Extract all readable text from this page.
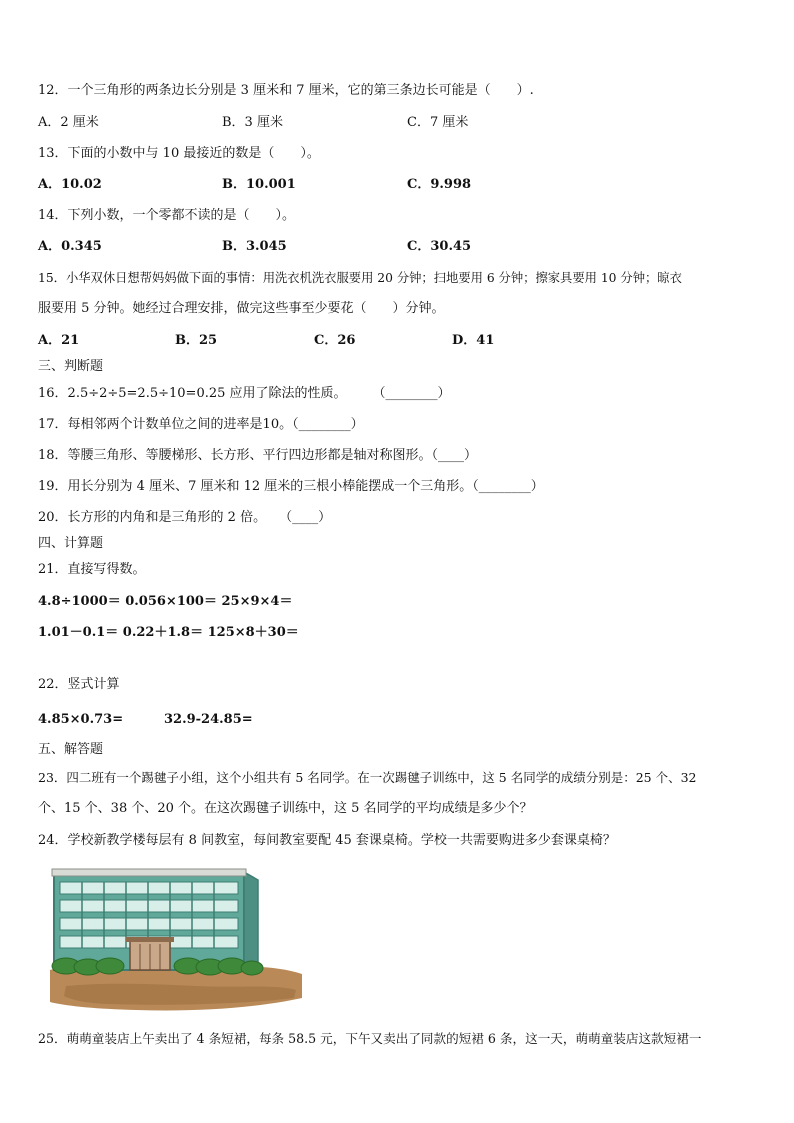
12．一个三角形的两条边长分别是 3 厘米和 7 厘米，它的第三条边长可能是（　　）.
A．2 厘米	B．3 厘米	C．7 厘米
13．下面的小数中与 10 最接近的数是（　　）。
A．10.02	B．10.001	C．9.998
14．下列小数，一个零都不读的是（　　）。
A．0.345	B．3.045	C．30.45
15．小华双休日想帮妈妈做下面的事情：用洗衣机洗衣服要用 20 分钟；扫地要用 6 分钟；擦家具要用 10 分钟；晾衣
服要用 5 分钟。她经过合理安排，做完这些事至少要花（　　）分钟。
A．21	B．25	C．26	D．41
三、判断题
16．2.5÷2÷5=2.5÷10=0.25 应用了除法的性质。　　　（________）
17．每相邻两个计数单位之间的进率是10。（________）
18．等腰三角形、等腰梯形、长方形、平行四边形都是轴对称图形。（____）
19．用长分别为 4 厘米、7 厘米和 12 厘米的三根小棒能摆成一个三角形。（________）
20．长方形的内角和是三角形的 2 倍。　　（____）
四、计算题
21．直接写得数。
4.8÷1000＝ 0.056×100＝ 25×9×4＝
1.01－0.1＝ 0.22＋1.8＝ 125×8＋30＝
22．竖式计算
4.85×0.73=	32.9-24.85=
五、解答题
23．四二班有一个踢毽子小组，这个小组共有 5 名同学。在一次踢毽子训练中，这 5 名同学的成绩分别是：25 个、32
个、15 个、38 个、20 个。在这次踢毽子训练中，这 5 名同学的平均成绩是多少个？
24．学校新教学楼每层有 8 间教室，每间教室要配 45 套课桌椅。学校一共需要购进多少套课桌椅？
25．萌萌童装店上午卖出了 4 条短裙，每条 58.5 元，下午又卖出了同款的短裙 6 条，这一天，萌萌童装店这款短裙一
